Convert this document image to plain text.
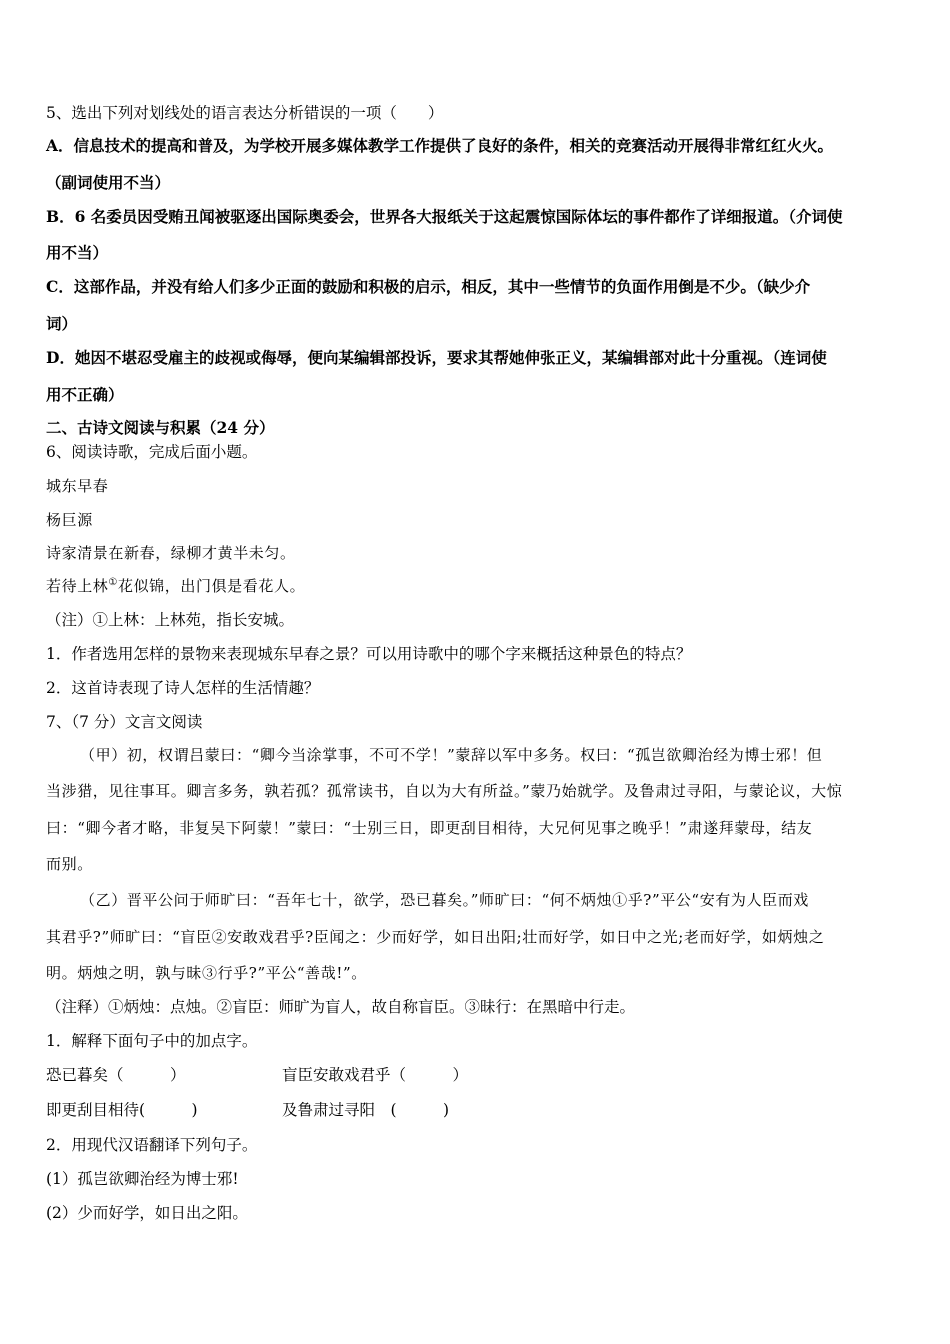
5、选出下列对划线处的语言表达分析错误的一项（　　）
A．信息技术的提高和普及，为学校开展多媒体教学工作提供了良好的条件，相关的竞赛活动开展得非常红红火火。
（副词使用不当）
B．6 名委员因受贿丑闻被驱逐出国际奥委会，世界各大报纸关于这起震惊国际体坛的事件都作了详细报道。（介词使
用不当）
C．这部作品，并没有给人们多少正面的鼓励和积极的启示，相反，其中一些情节的负面作用倒是不少。（缺少介
词）
D．她因不堪忍受雇主的歧视或侮辱，便向某编辑部投诉，要求其帮她伸张正义，某编辑部对此十分重视。（连词使
用不正确）
二、古诗文阅读与积累（24 分）
6、阅读诗歌，完成后面小题。
城东早春
杨巨源
诗家清景在新春，绿柳才黄半未匀。
若待上林①花似锦，出门俱是看花人。
（注）①上林：上林苑，指长安城。
1．作者选用怎样的景物来表现城东早春之景？可以用诗歌中的哪个字来概括这种景色的特点？
2．这首诗表现了诗人怎样的生活情趣？
7、（7 分）文言文阅读
（甲）初，权谓吕蒙曰：“卿今当涂掌事，不可不学！”蒙辞以军中多务。权曰：“孤岂欲卿治经为博士邪！但
当涉猎，见往事耳。卿言多务，孰若孤？孤常读书，自以为大有所益。”蒙乃始就学。及鲁肃过寻阳，与蒙论议，大惊
曰：“卿今者才略，非复吴下阿蒙！”蒙曰：“士别三日，即更刮目相待，大兄何见事之晚乎！”肃遂拜蒙母，结友
而别。
（乙）晋平公问于师旷曰：“吾年七十，欲学，恐已暮矣。”师旷曰：“何不炳烛①乎?”平公“安有为人臣而戏
其君乎?”师旷曰：“盲臣②安敢戏君乎?臣闻之：少而好学，如日出阳;壮而好学，如日中之光;老而好学，如炳烛之
明。炳烛之明，孰与昧③行乎?”平公“善哉!”。
（注释）①炳烛：点烛。②盲臣：师旷为盲人，故自称盲臣。③昧行：在黑暗中行走。
1．解释下面句子中的加点字。
恐已暮矣（　　　）	盲臣安敢戏君乎（　　　）
即更刮目相待(　　　)	及鲁肃过寻阳　(　　　)
2．用现代汉语翻译下列句子。
(1）孤岂欲卿治经为博士邪!
(2）少而好学，如日出之阳。
